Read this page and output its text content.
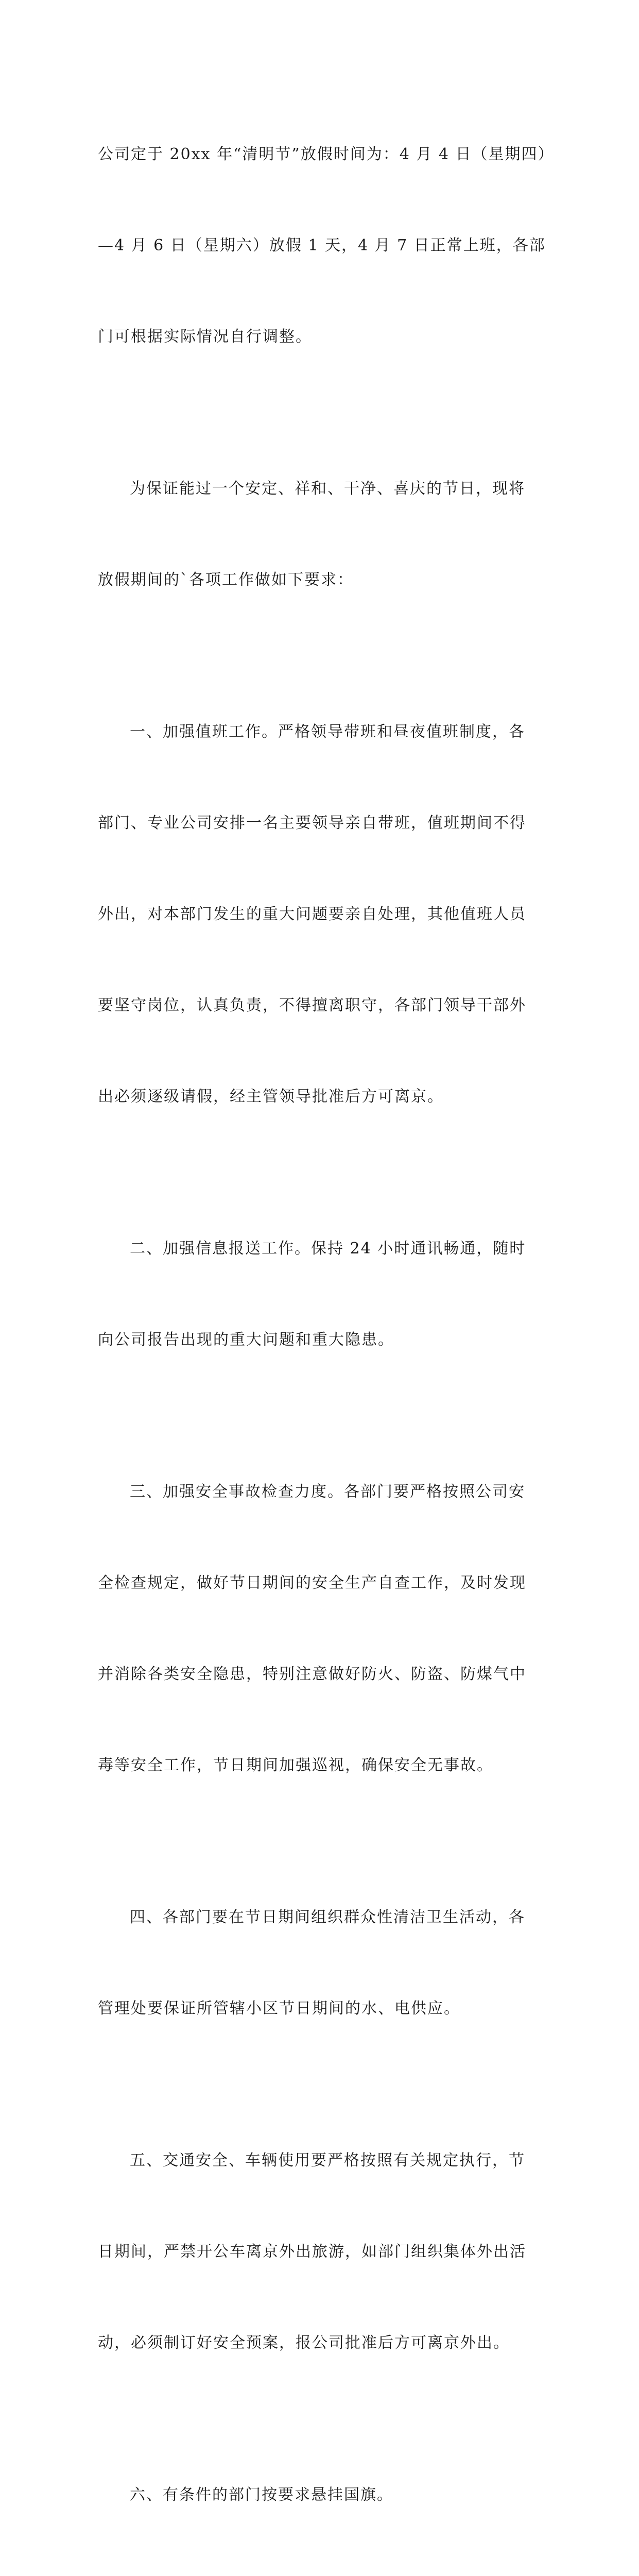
公司定于 20xx 年“清明节”放假时间为：4 月 4 日（星期四）

—4 月 6 日（星期六）放假 1 天，4 月 7 日正常上班，各部

门可根据实际情况自行调整。

为保证能过一个安定、祥和、干净、喜庆的节日，现将

放假期间的`各项工作做如下要求：

一、加强值班工作。严格领导带班和昼夜值班制度，各

部门、专业公司安排一名主要领导亲自带班，值班期间不得

外出，对本部门发生的重大问题要亲自处理，其他值班人员

要坚守岗位，认真负责，不得擅离职守，各部门领导干部外

出必须逐级请假，经主管领导批准后方可离京。

二、加强信息报送工作。保持 24 小时通讯畅通，随时

向公司报告出现的重大问题和重大隐患。

三、加强安全事故检查力度。各部门要严格按照公司安

全检查规定，做好节日期间的安全生产自查工作，及时发现

并消除各类安全隐患，特别注意做好防火、防盗、防煤气中

毒等安全工作，节日期间加强巡视，确保安全无事故。

四、各部门要在节日期间组织群众性清洁卫生活动，各

管理处要保证所管辖小区节日期间的水、电供应。

五、交通安全、车辆使用要严格按照有关规定执行，节

日期间，严禁开公车离京外出旅游，如部门组织集体外出活

动，必须制订好安全预案，报公司批准后方可离京外出。

六、有条件的部门按要求悬挂国旗。
